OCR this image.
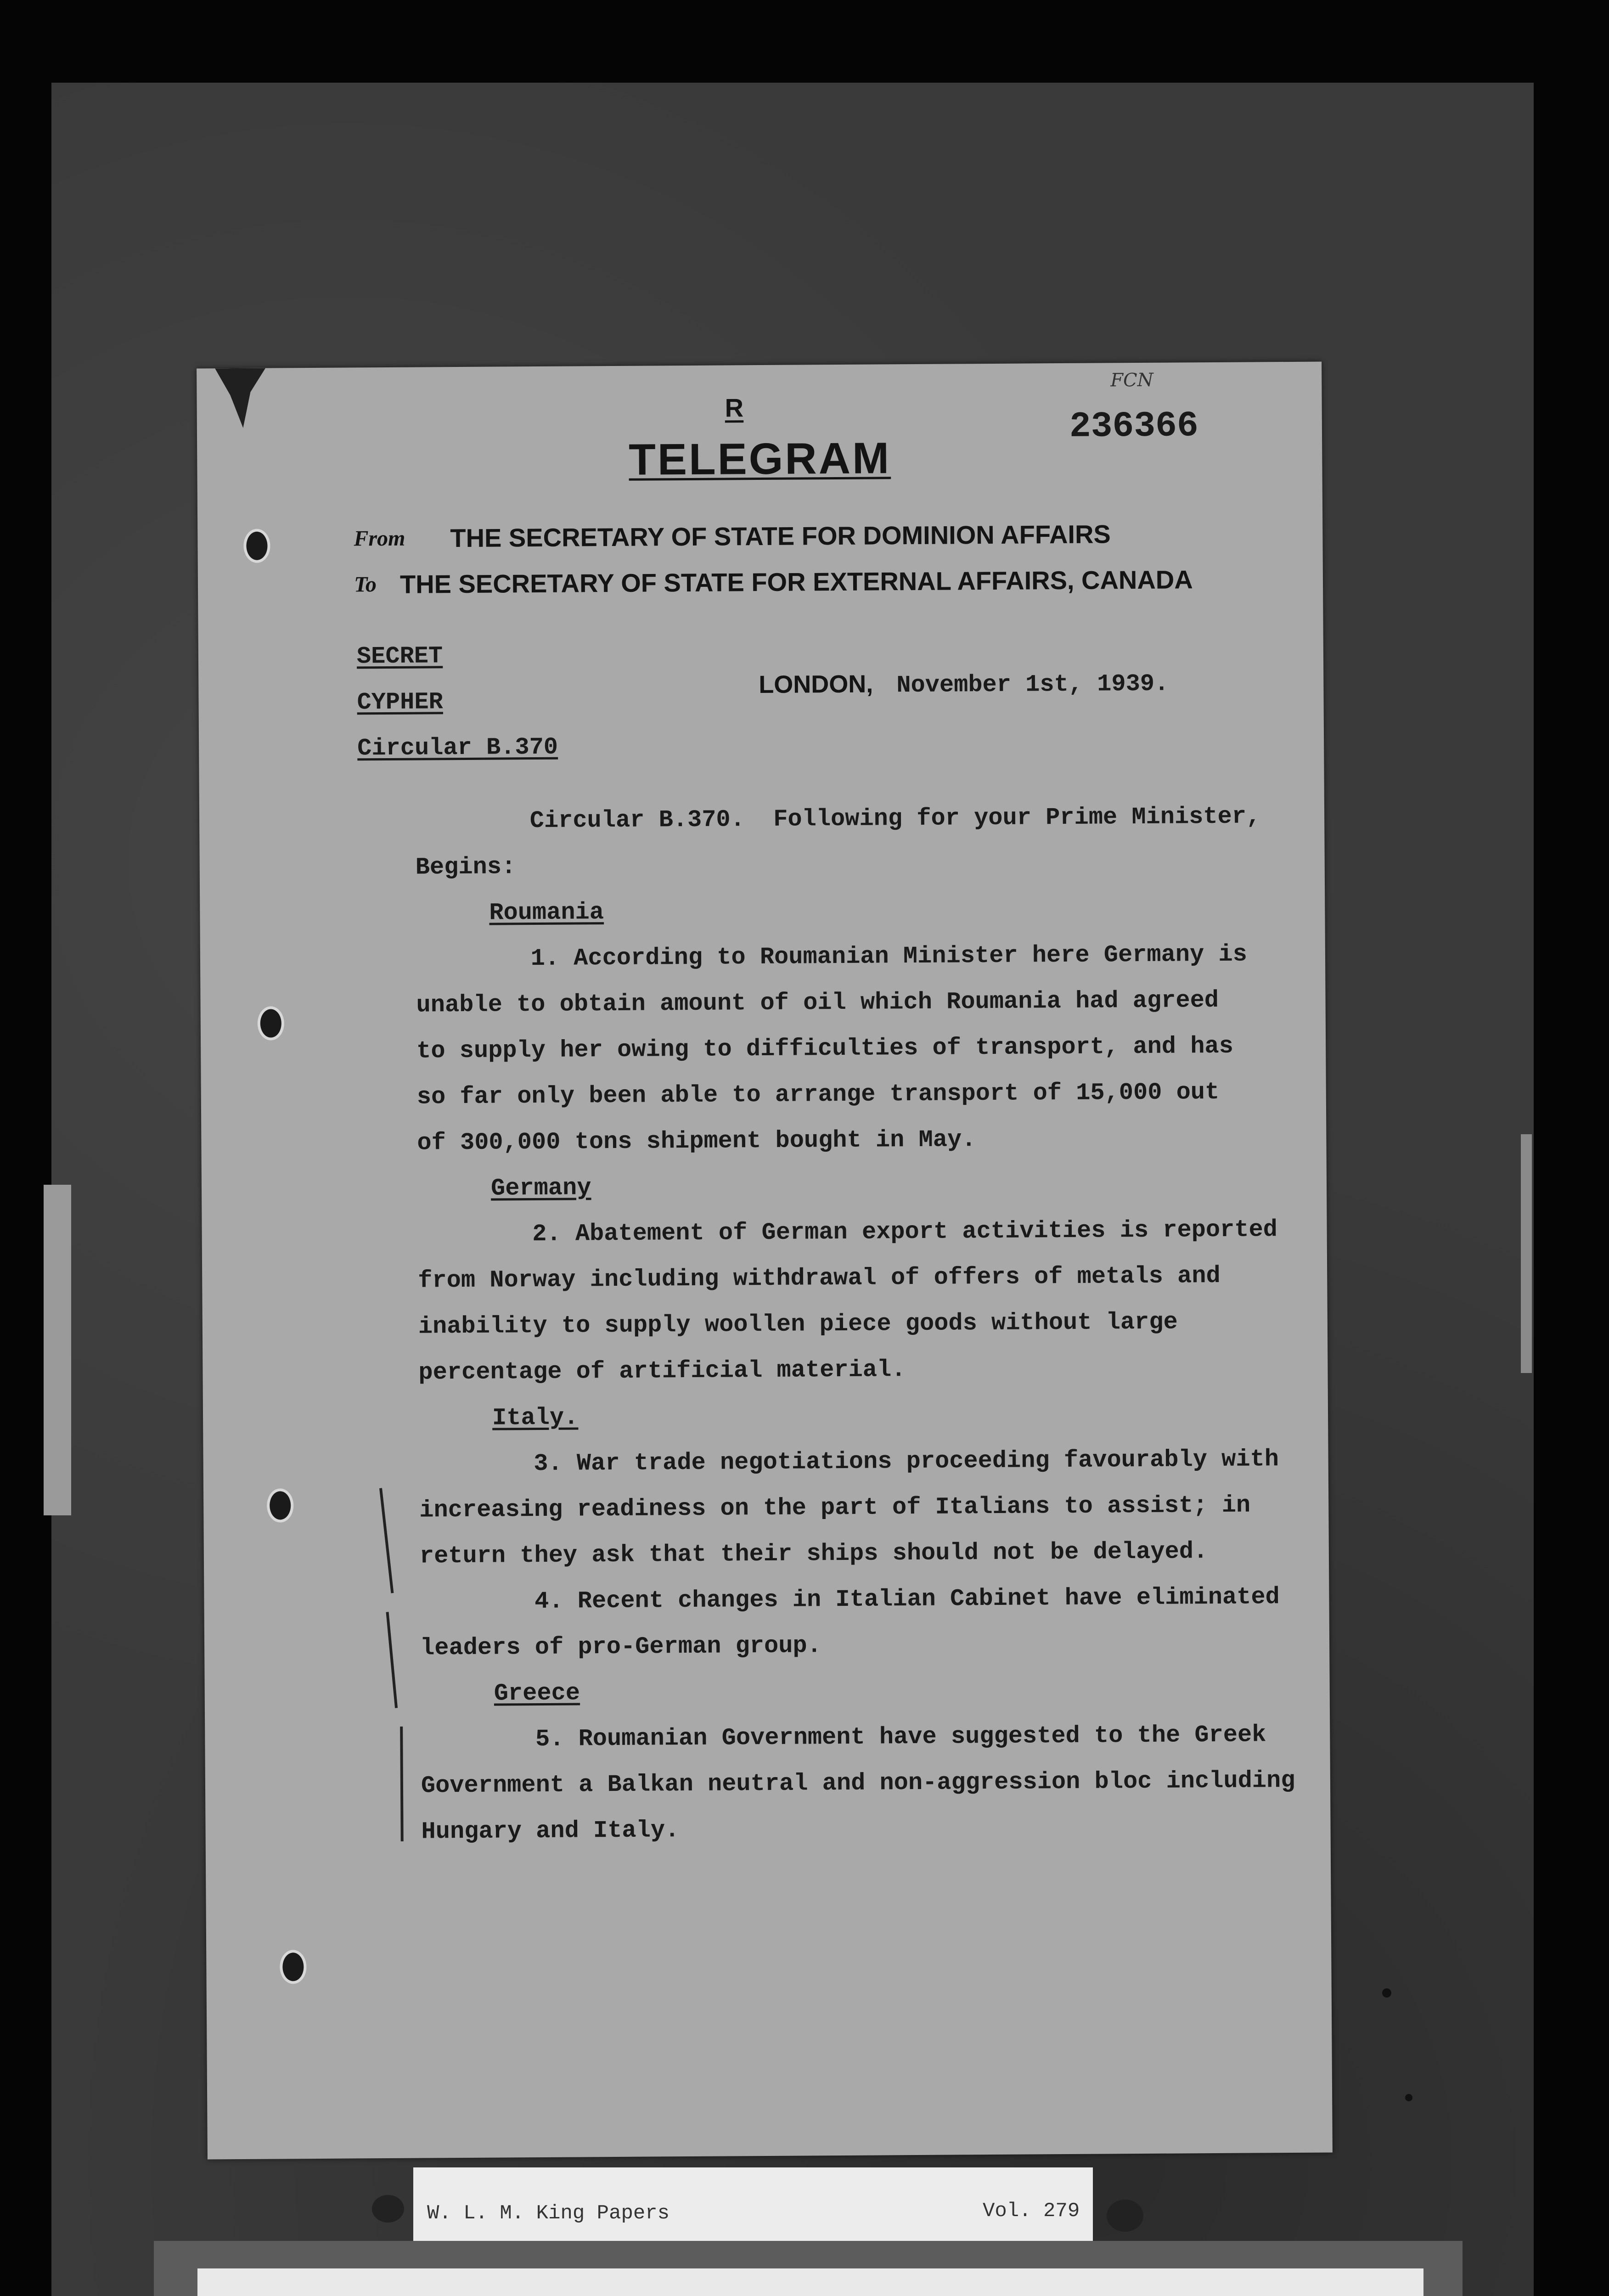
R
TELEGRAM
236366
FCN
From THE SECRETARY OF STATE FOR DOMINION AFFAIRS
To THE SECRETARY OF STATE FOR EXTERNAL AFFAIRS, CANADA
SECRET
CYPHER
Circular B.370
LONDON, November 1st, 1939.
Circular B.370.  Following for your Prime Minister,
Begins:
Roumania
1. According to Roumanian Minister here Germany is
unable to obtain amount of oil which Roumania had agreed
to supply her owing to difficulties of transport, and has
so far only been able to arrange transport of 15,000 out
of 300,000 tons shipment bought in May.
Germany
2. Abatement of German export activities is reported
from Norway including withdrawal of offers of metals and
inability to supply woollen piece goods without large
percentage of artificial material.
Italy.
3. War trade negotiations proceeding favourably with
increasing readiness on the part of Italians to assist; in
return they ask that their ships should not be delayed.
4. Recent changes in Italian Cabinet have eliminated
leaders of pro-German group.
Greece
5. Roumanian Government have suggested to the Greek
Government a Balkan neutral and non-aggression bloc including
Hungary and Italy.
W. L. M. King Papers	Vol. 279
